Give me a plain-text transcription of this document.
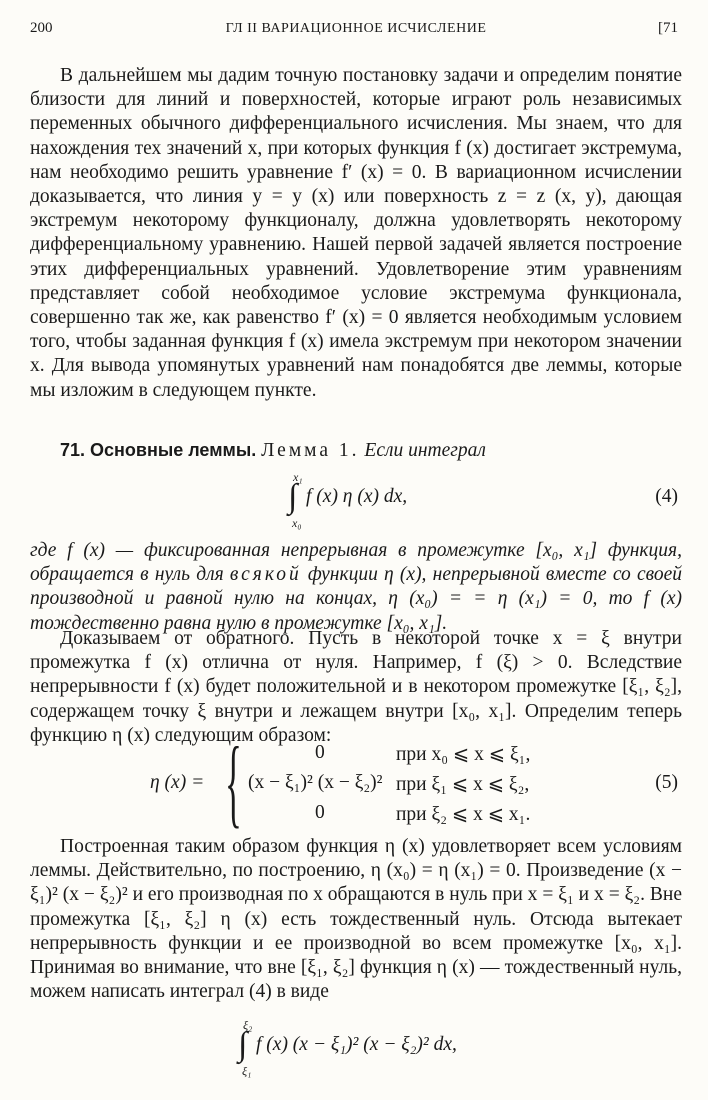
200	ГЛ II ВАРИАЦИОННОЕ ИСЧИСЛЕНИЕ	[71

В дальнейшем мы дадим точную постановку задачи и определим понятие близости для линий и поверхностей, которые играют роль независимых переменных обычного дифференциального исчисления. Мы знаем, что для нахождения тех значений x, при которых функция f (x) достигает экстремума, нам необходимо решить уравнение f′ (x) = 0. В вариационном исчислении доказывается, что линия y = y (x) или поверхность z = z (x, y), дающая экстремум некоторому функционалу, должна удовлетворять некоторому дифференциальному уравнению. Нашей первой задачей является построение этих дифференциальных уравнений. Удовлетворение этим уравнениям представляет собой необходимое условие экстремума функционала, совершенно так же, как равенство f′ (x) = 0 является необходимым условием того, чтобы заданная функция f (x) имела экстремум при некотором значении x. Для вывода упомянутых уравнений нам понадобятся две леммы, которые мы изложим в следующем пункте.

71. Основные леммы. Лемма 1. Если интеграл

x₁
∫
x₀
f (x) η (x) dx,	(4)

где f (x) — фиксированная непрерывная в промежутке [x₀, x₁] функция, обращается в нуль для всякой функции η (x), непрерывной вместе со своей производной и равной нулю на концах, η (x₀) = = η (x₁) = 0, то f (x) тождественно равна нулю в промежутке [x₀, x₁].

Доказываем от обратного. Пусть в некоторой точке x = ξ внутри промежутка f (x) отлична от нуля. Например, f (ξ) > 0. Вследствие непрерывности f (x) будет положительной и в некотором промежутке [ξ₁, ξ₂], содержащем точку ξ внутри и лежащем внутри [x₀, x₁]. Определим теперь функцию η (x) следующим образом:

η (x) = {	0	при x₀ ⩽ x ⩽ ξ₁,
(x − ξ₁)² (x − ξ₂)² при ξ₁ ⩽ x ⩽ ξ₂,
0	при ξ₂ ⩽ x ⩽ x₁.
(5)

Построенная таким образом функция η (x) удовлетворяет всем условиям леммы. Действительно, по построению, η (x₀) = η (x₁) = 0. Произведение (x − ξ₁)² (x − ξ₂)² и его производная по x обращаются в нуль при x = ξ₁ и x = ξ₂. Вне промежутка [ξ₁, ξ₂] η (x) есть тождественный нуль. Отсюда вытекает непрерывность функции и ее производной во всем промежутке [x₀, x₁]. Принимая во внимание, что вне [ξ₁, ξ₂] функция η (x) — тождественный нуль, можем написать интеграл (4) в виде

ξ₂
∫
ξ₁
f (x) (x − ξ₁)² (x − ξ₂)² dx,
